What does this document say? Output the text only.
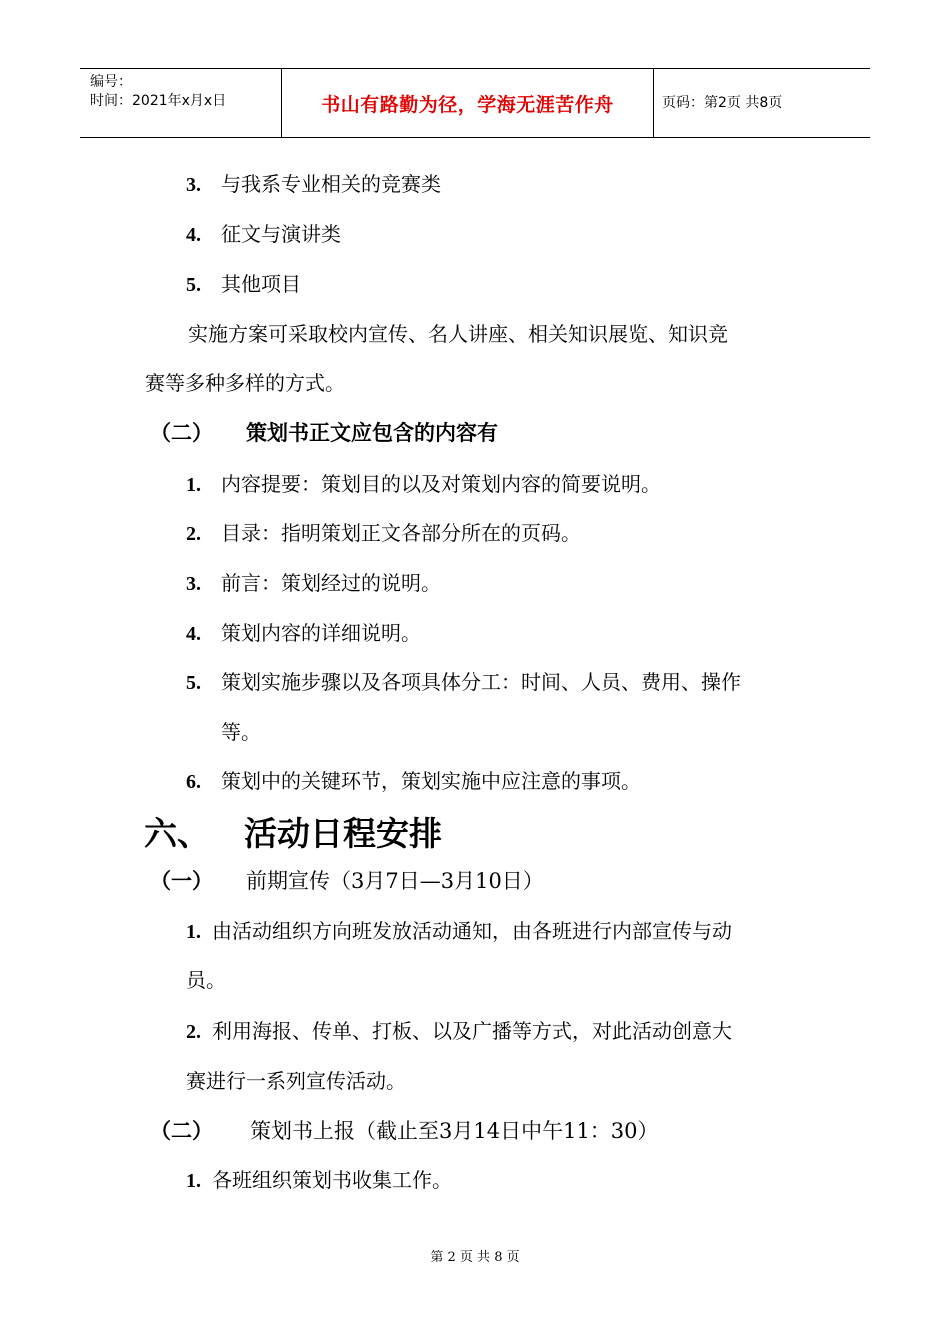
编号：
时间：2021年x月x日	书山有路勤为径，学海无涯苦作舟	页码：第2页 共8页
3. 与我系专业相关的竞赛类
4. 征文与演讲类
5. 其他项目
实施方案可采取校内宣传、名人讲座、相关知识展览、知识竞
赛等多种多样的方式。
（二） 策划书正文应包含的内容有
1. 内容提要：策划目的以及对策划内容的简要说明。
2. 目录：指明策划正文各部分所在的页码。
3. 前言：策划经过的说明。
4. 策划内容的详细说明。
5. 策划实施步骤以及各项具体分工：时间、人员、费用、操作
等。
6. 策划中的关键环节，策划实施中应注意的事项。
六、 活动日程安排
（一） 前期宣传（3月7日—3月10日）
1. 由活动组织方向班发放活动通知，由各班进行内部宣传与动
员。
2. 利用海报、传单、打板、以及广播等方式，对此活动创意大
赛进行一系列宣传活动。
（二） 策划书上报（截止至3月14日中午11：30）
1. 各班组织策划书收集工作。
第 2 页 共 8 页
